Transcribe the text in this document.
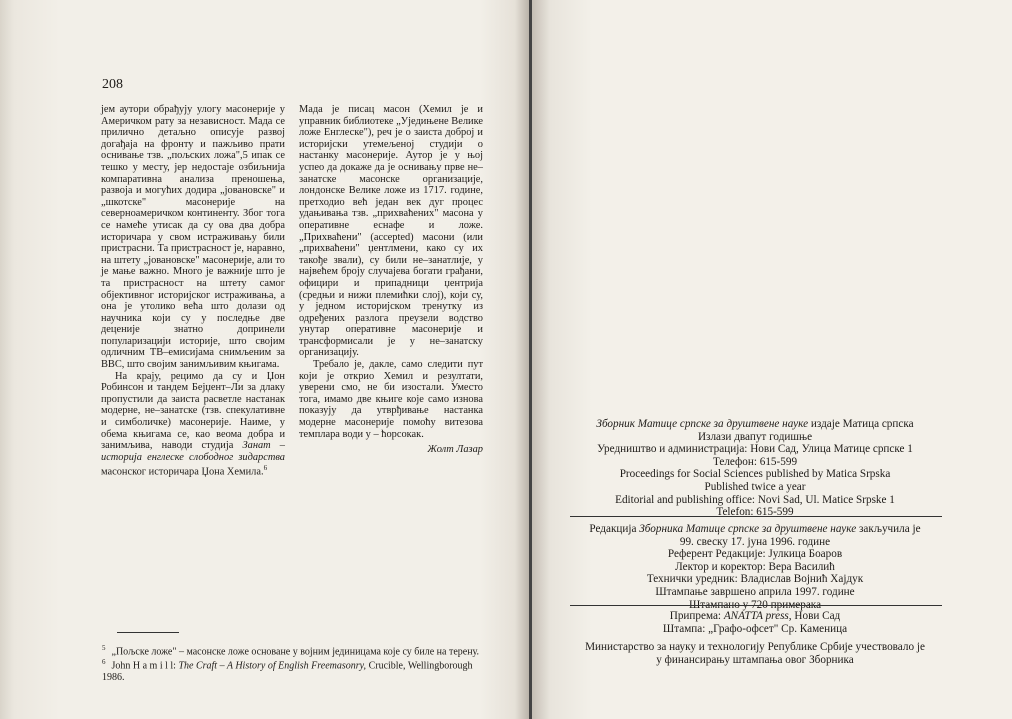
208

јем аутори обрађују улогу масонерије у Америчком рату за независност. Мада се прилично детаљно описује развој догађаја на фронту и пажљиво прати оснивање тзв. „пољских ложа",5 ипак се тешко у месту, јер недостаје озбиљнија компаративна анализа преношења, развоја и могућих додира „јовановске" и „шкотске" масонерије на северноамеричком континенту. Због тога се намеће утисак да су ова два добра историчара у свом истраживању били пристрасни. Та пристрасност је, наравно, на штету „јовановске" масонерије, али то је мање важно. Много је важније што је та пристрасност на штету самог објективног историјског истраживања, а она је утолико већа што долази од научника који су у последње две деценије знатно допринели популаризацији историје, што својим одличним ТВ–емисијама снимљеним за ВВС, што својим занимљивим књигама.

На крају, рецимо да су и Џон Робинсон и тандем Бејџент–Ли за длаку пропустили да заиста расветле настанак модерне, не–занатске (тзв. спекулативне и симболичке) масонерије. Наиме, у обема књигама се, као веома добра и занимљива, наводи студија Занат – историја енглеске слободног зидарства масонског историчара Џона Хемила.$^6$

Мада је писац масон (Хемил је и управник библиотеке „Уједињене Велике ложе Енглеске"), реч је о заиста доброј и историјски утемељеној студији о настанку масонерије. Аутор је у њој успео да докаже да је оснивању прве не–занатске масонске организације, лондонске Велике ложе из 1717. године, претходио већ један век дуг процес удањивања тзв. „прихваћених" масона у оперативне еснафе и ложе. „Прихваћени" (accepted) масони (или „прихваћени" џентлмени, како су их такође звали), су били не–занатлије, у највећем броју случајева богати грађани, официри и припадници џентрија (средњи и нижи племићки слој), који су, у једном историјском тренутку из одређених разлога преузели водство унутар оперативне масонерије и трансформисали је у не–занатску организацију.

Требало је, дакле, само следити пут који је открио Хемил и резултати, уверени смо, не би изостали. Уместо тога, имамо две књиге које само изнова показују да утврђивање настанка модерне масонерије помоћу витезова темплара води у – ћорсокак.

Жолт Лазар
$^5$ „Пољске ложе" – масонске ложе основане у војним јединицама које су биле на терену.
$^6$ John H a m i l l: The Craft – A History of English Freemasonry, Crucible, Wellingborough 1986.
Зборник Матице српске за друштвене науке издаје Матица српска
Излази двапут годишње
Уредништво и администрација: Нови Сад, Улица Матице српске 1
Телефон: 615-599
Proceedings for Social Sciences published by Matica Srpska
Published twice a year
Editorial and publishing office: Novi Sad, Ul. Matice Srpske 1
Telefon: 615-599
Редакција Зборника Матице српске за друштвене науке закључила је
99. свеску 17. јуна 1996. године
Референт Редакције: Јулкица Боаров
Лектор и коректор: Вера Василић
Технички уредник: Владислав Војнић Хајдук
Штампање завршено априла 1997. године
Штампано у 720 примерака
Припрема: ANATTA press, Нови Сад
Штампа: „Графо-офсет" Ср. Каменица
Министарство за науку и технологију Републике Србије учествовало је
у финансирању штампања овог Зборника
